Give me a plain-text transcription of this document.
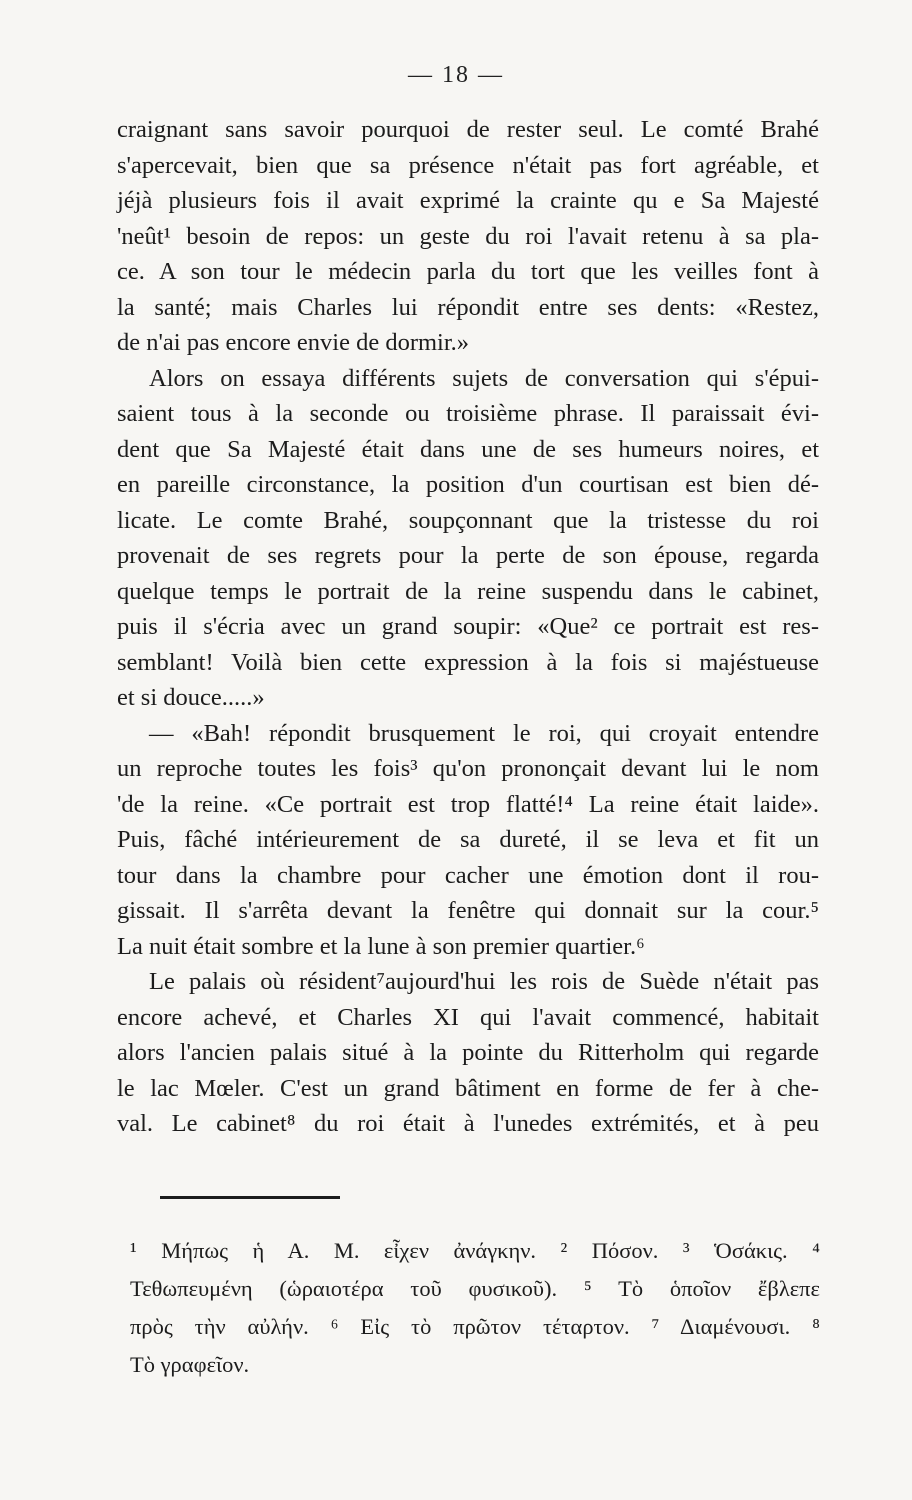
— 18 —
craignant sans savoir pourquoi de rester seul. Le comté Brahé
s'apercevait, bien que sa présence n'était pas fort agréable, et
jéjà plusieurs fois il avait exprimé la crainte qu e Sa Majesté
'neût¹ besoin de repos: un geste du roi l'avait retenu à sa pla-
ce. A son tour le médecin parla du tort que les veilles font à
la santé; mais Charles lui répondit entre ses dents: «Restez,
de n'ai pas encore envie de dormir.»
Alors on essaya différents sujets de conversation qui s'épui-
saient tous à la seconde ou troisième phrase. Il paraissait évi-
dent que Sa Majesté était dans une de ses humeurs noires, et
en pareille circonstance, la position d'un courtisan est bien dé-
licate. Le comte Brahé, soupçonnant que la tristesse du roi
provenait de ses regrets pour la perte de son épouse, regarda
quelque temps le portrait de la reine suspendu dans le cabinet,
puis il s'écria avec un grand soupir: «Que² ce portrait est res-
semblant! Voilà bien cette expression à la fois si majéstueuse
et si douce.....»
— «Bah! répondit brusquement le roi, qui croyait entendre
un reproche toutes les fois³ qu'on prononçait devant lui le nom
'de la reine. «Ce portrait est trop flatté!⁴ La reine était laide».
Puis, fâché intérieurement de sa dureté, il se leva et fit un
tour dans la chambre pour cacher une émotion dont il rou-
gissait. Il s'arrêta devant la fenêtre qui donnait sur la cour.⁵
La nuit était sombre et la lune à son premier quartier.⁶
Le palais où résident⁷aujourd'hui les rois de Suède n'était pas
encore achevé, et Charles XI qui l'avait commencé, habitait
alors l'ancien palais situé à la pointe du Ritterholm qui regarde
le lac Mœler. C'est un grand bâtiment en forme de fer à che-
val. Le cabinet⁸ du roi était à l'unedes extrémités, et à peu
¹ Μήπως ἡ Α. Μ. εἶχεν ἀνάγκην. ² Πόσον. ³ Ὁσάκις. ⁴
Τεθωπευμένη (ὡραιοτέρα τοῦ φυσικοῦ). ⁵ Τὸ ὁποῖον ἔβλεπε
πρὸς τὴν αὐλήν. ⁶ Εἰς τὸ πρῶτον τέταρτον. ⁷ Διαμένουσι. ⁸
Τὸ γραφεῖον.
